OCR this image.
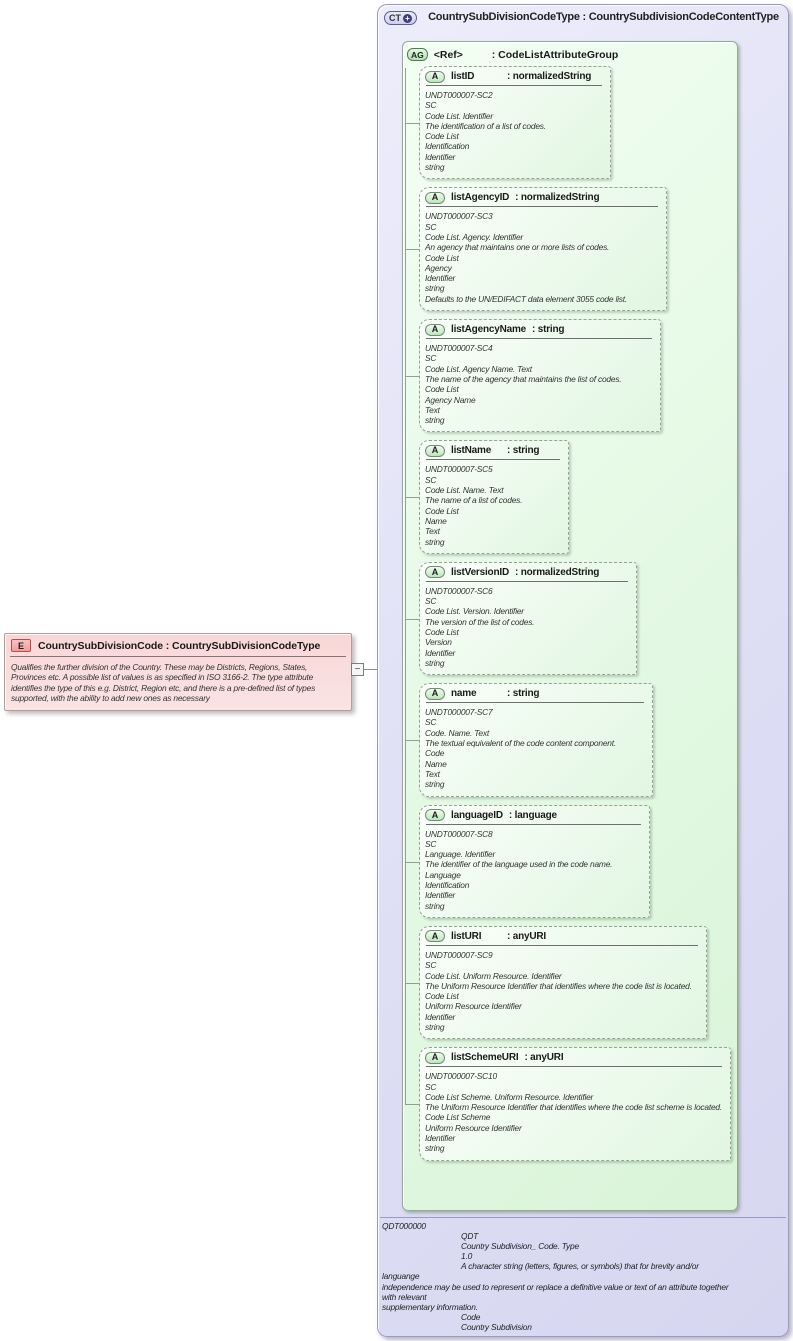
E	CountrySubDivisionCode : CountrySubDivisionCodeType
Qualifies the further division of the Country. These may be Districts, Regions, States, Provinces etc. A possible list of values is as specified in ISO 3166-2. The type attribute identifies the type of this e.g. District, Region etc, and there is a pre-defined list of types supported, with the ability to add new ones as necessary
−
CT +	CountrySubDivisionCodeType : CountrySubdivisionCodeContentType
AG <Ref>	: CodeListAttributeGroup
A	listID	: normalizedString
UNDT000007-SC2
SC
Code List. Identifier
The identification of a list of codes.
Code List
Identification
Identifier
string
A	listAgencyID : normalizedString
UNDT000007-SC3
SC
Code List. Agency. Identifier
An agency that maintains one or more lists of codes.
Code List
Agency
Identifier
string
Defaults to the UN/EDIFACT data element 3055 code list.
A	listAgencyName : string
UNDT000007-SC4
SC
Code List. Agency Name. Text
The name of the agency that maintains the list of codes.
Code List
Agency Name
Text
string
A	listName	: string
UNDT000007-SC5
SC
Code List. Name. Text
The name of a list of codes.
Code List
Name
Text
string
A	listVersionID : normalizedString
UNDT000007-SC6
SC
Code List. Version. Identifier
The version of the list of codes.
Code List
Version
Identifier
string
A	name	: string
UNDT000007-SC7
SC
Code. Name. Text
The textual equivalent of the code content component.
Code
Name
Text
string
A	languageID : language
UNDT000007-SC8
SC
Language. Identifier
The identifier of the language used in the code name.
Language
Identification
Identifier
string
A	listURI	: anyURI
UNDT000007-SC9
SC
Code List. Uniform Resource. Identifier
The Uniform Resource Identifier that identifies where the code list is located.
Code List
Uniform Resource Identifier
Identifier
string
A	listSchemeURI : anyURI
UNDT000007-SC10
SC
Code List Scheme. Uniform Resource. Identifier
The Uniform Resource Identifier that identifies where the code list scheme is located.
Code List Scheme
Uniform Resource Identifier
Identifier
string
QDT000000
QDT
Country Subdivision_ Code. Type
1.0
A character string (letters, figures, or symbols) that for brevity and/or
languange
independence may be used to represent or replace a definitive value or text of an attribute together
with relevant
supplementary information.
Code
Country Subdivision
